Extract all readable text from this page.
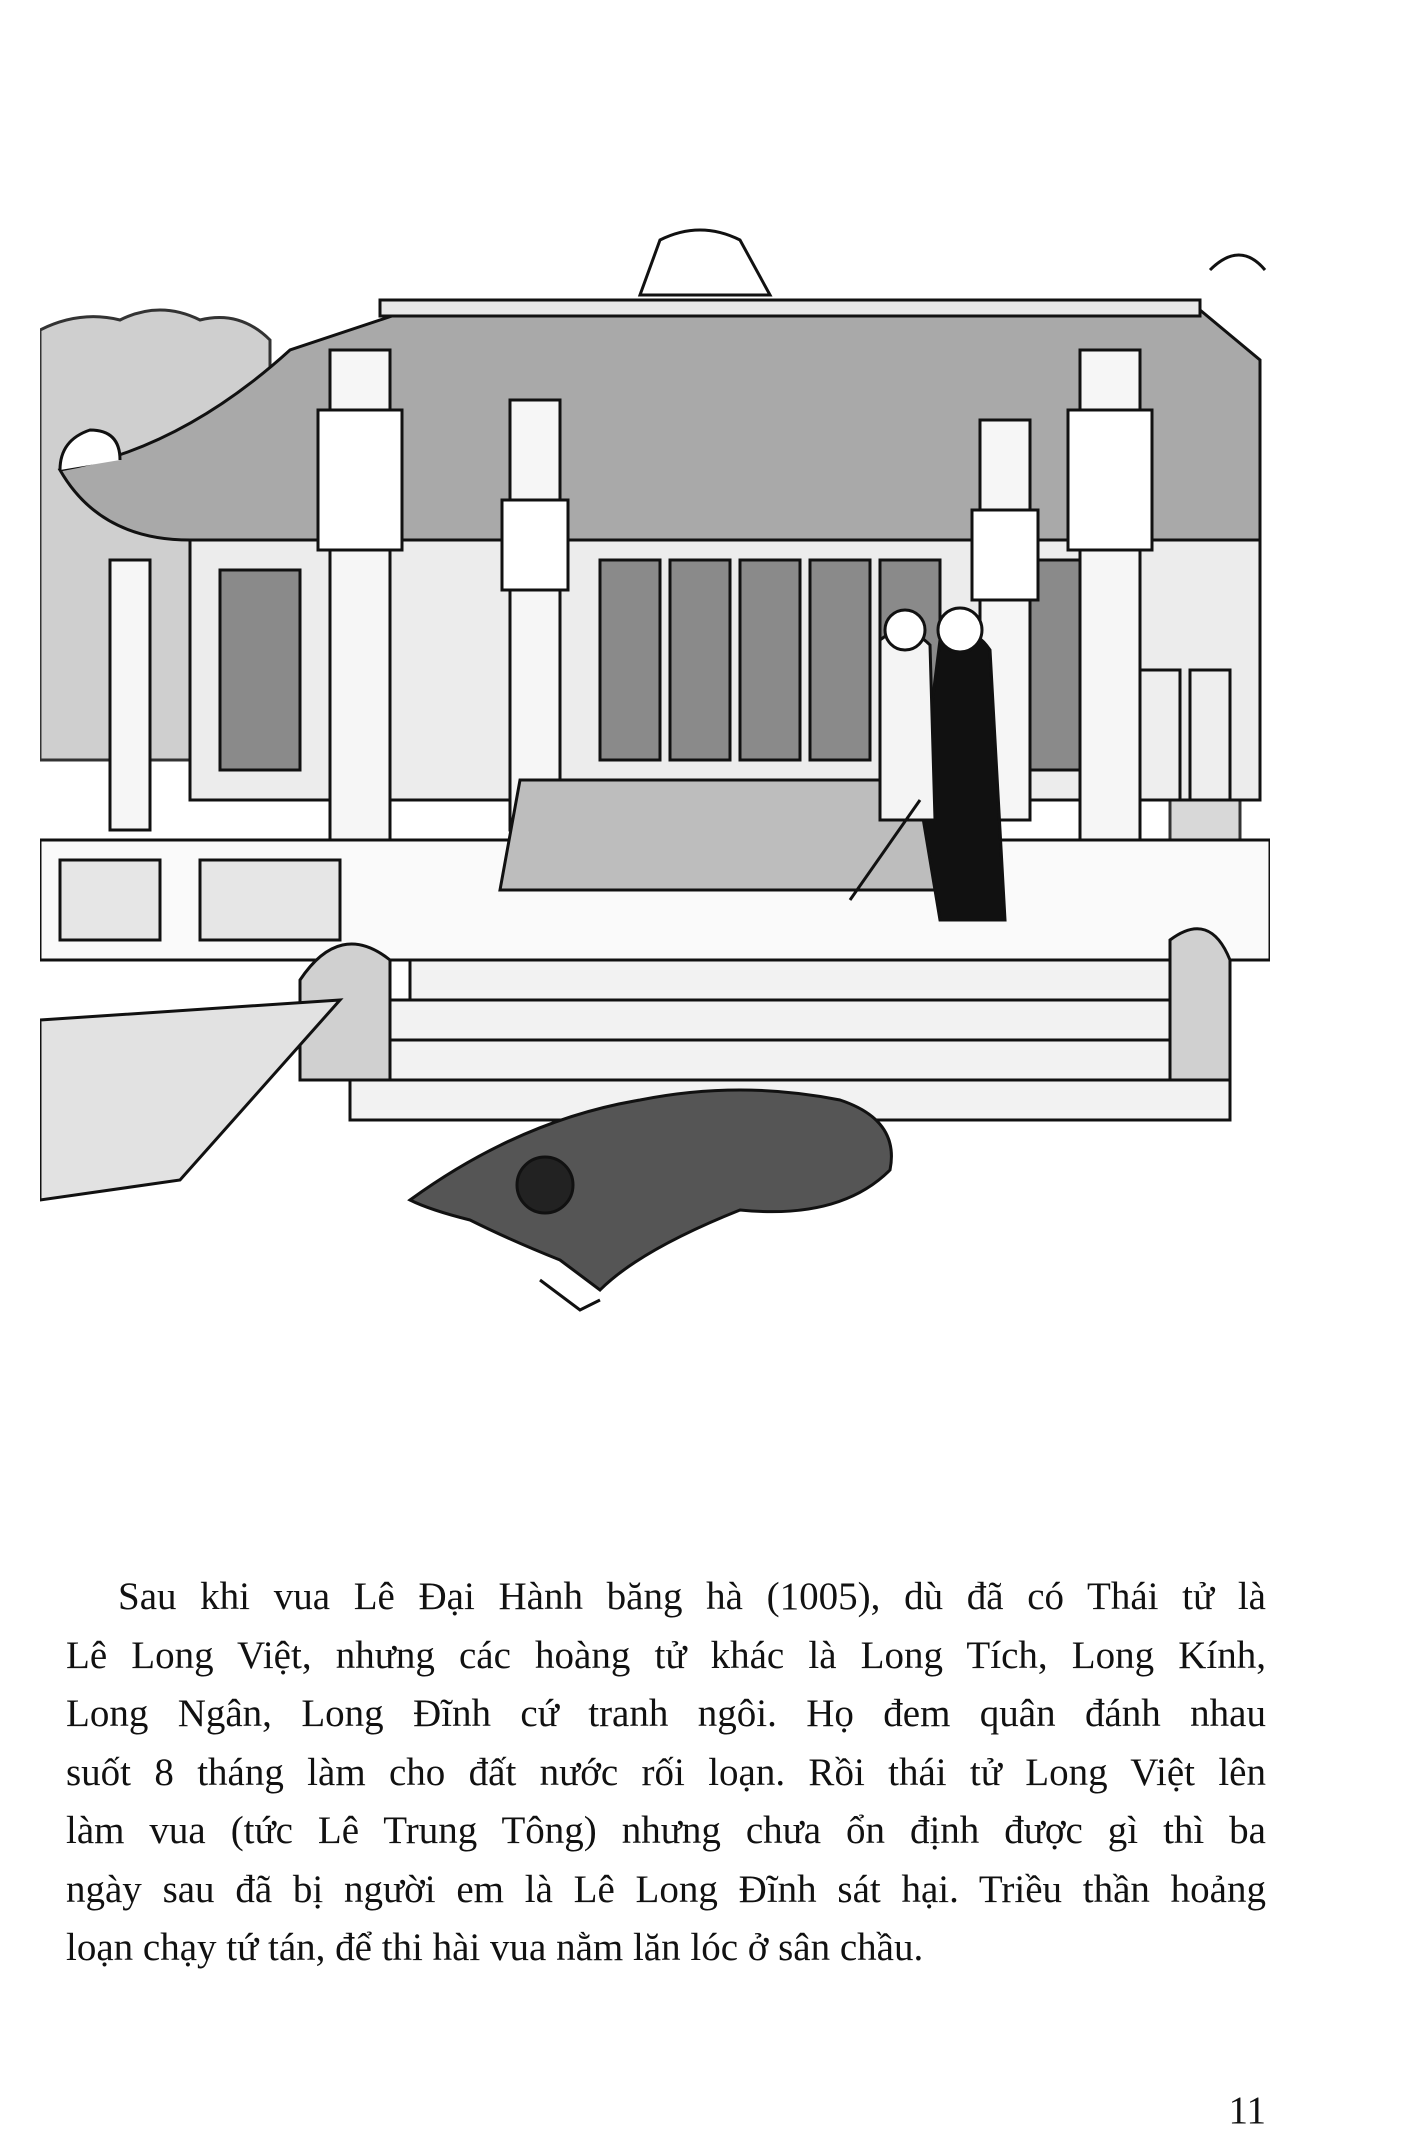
Sau khi vua Lê Đại Hành băng hà (1005), dù đã có Thái tử là
Lê Long Việt, nhưng các hoàng tử khác là Long Tích, Long Kính,
Long Ngân, Long Đĩnh cứ tranh ngôi. Họ đem quân đánh nhau
suốt 8 tháng làm cho đất nước rối loạn. Rồi thái tử Long Việt lên
làm vua (tức Lê Trung Tông) nhưng chưa ổn định được gì thì ba
ngày sau đã bị người em là Lê Long Đĩnh sát hại. Triều thần hoảng
loạn chạy tứ tán, để thi hài vua nằm lăn lóc ở sân chầu.
11
